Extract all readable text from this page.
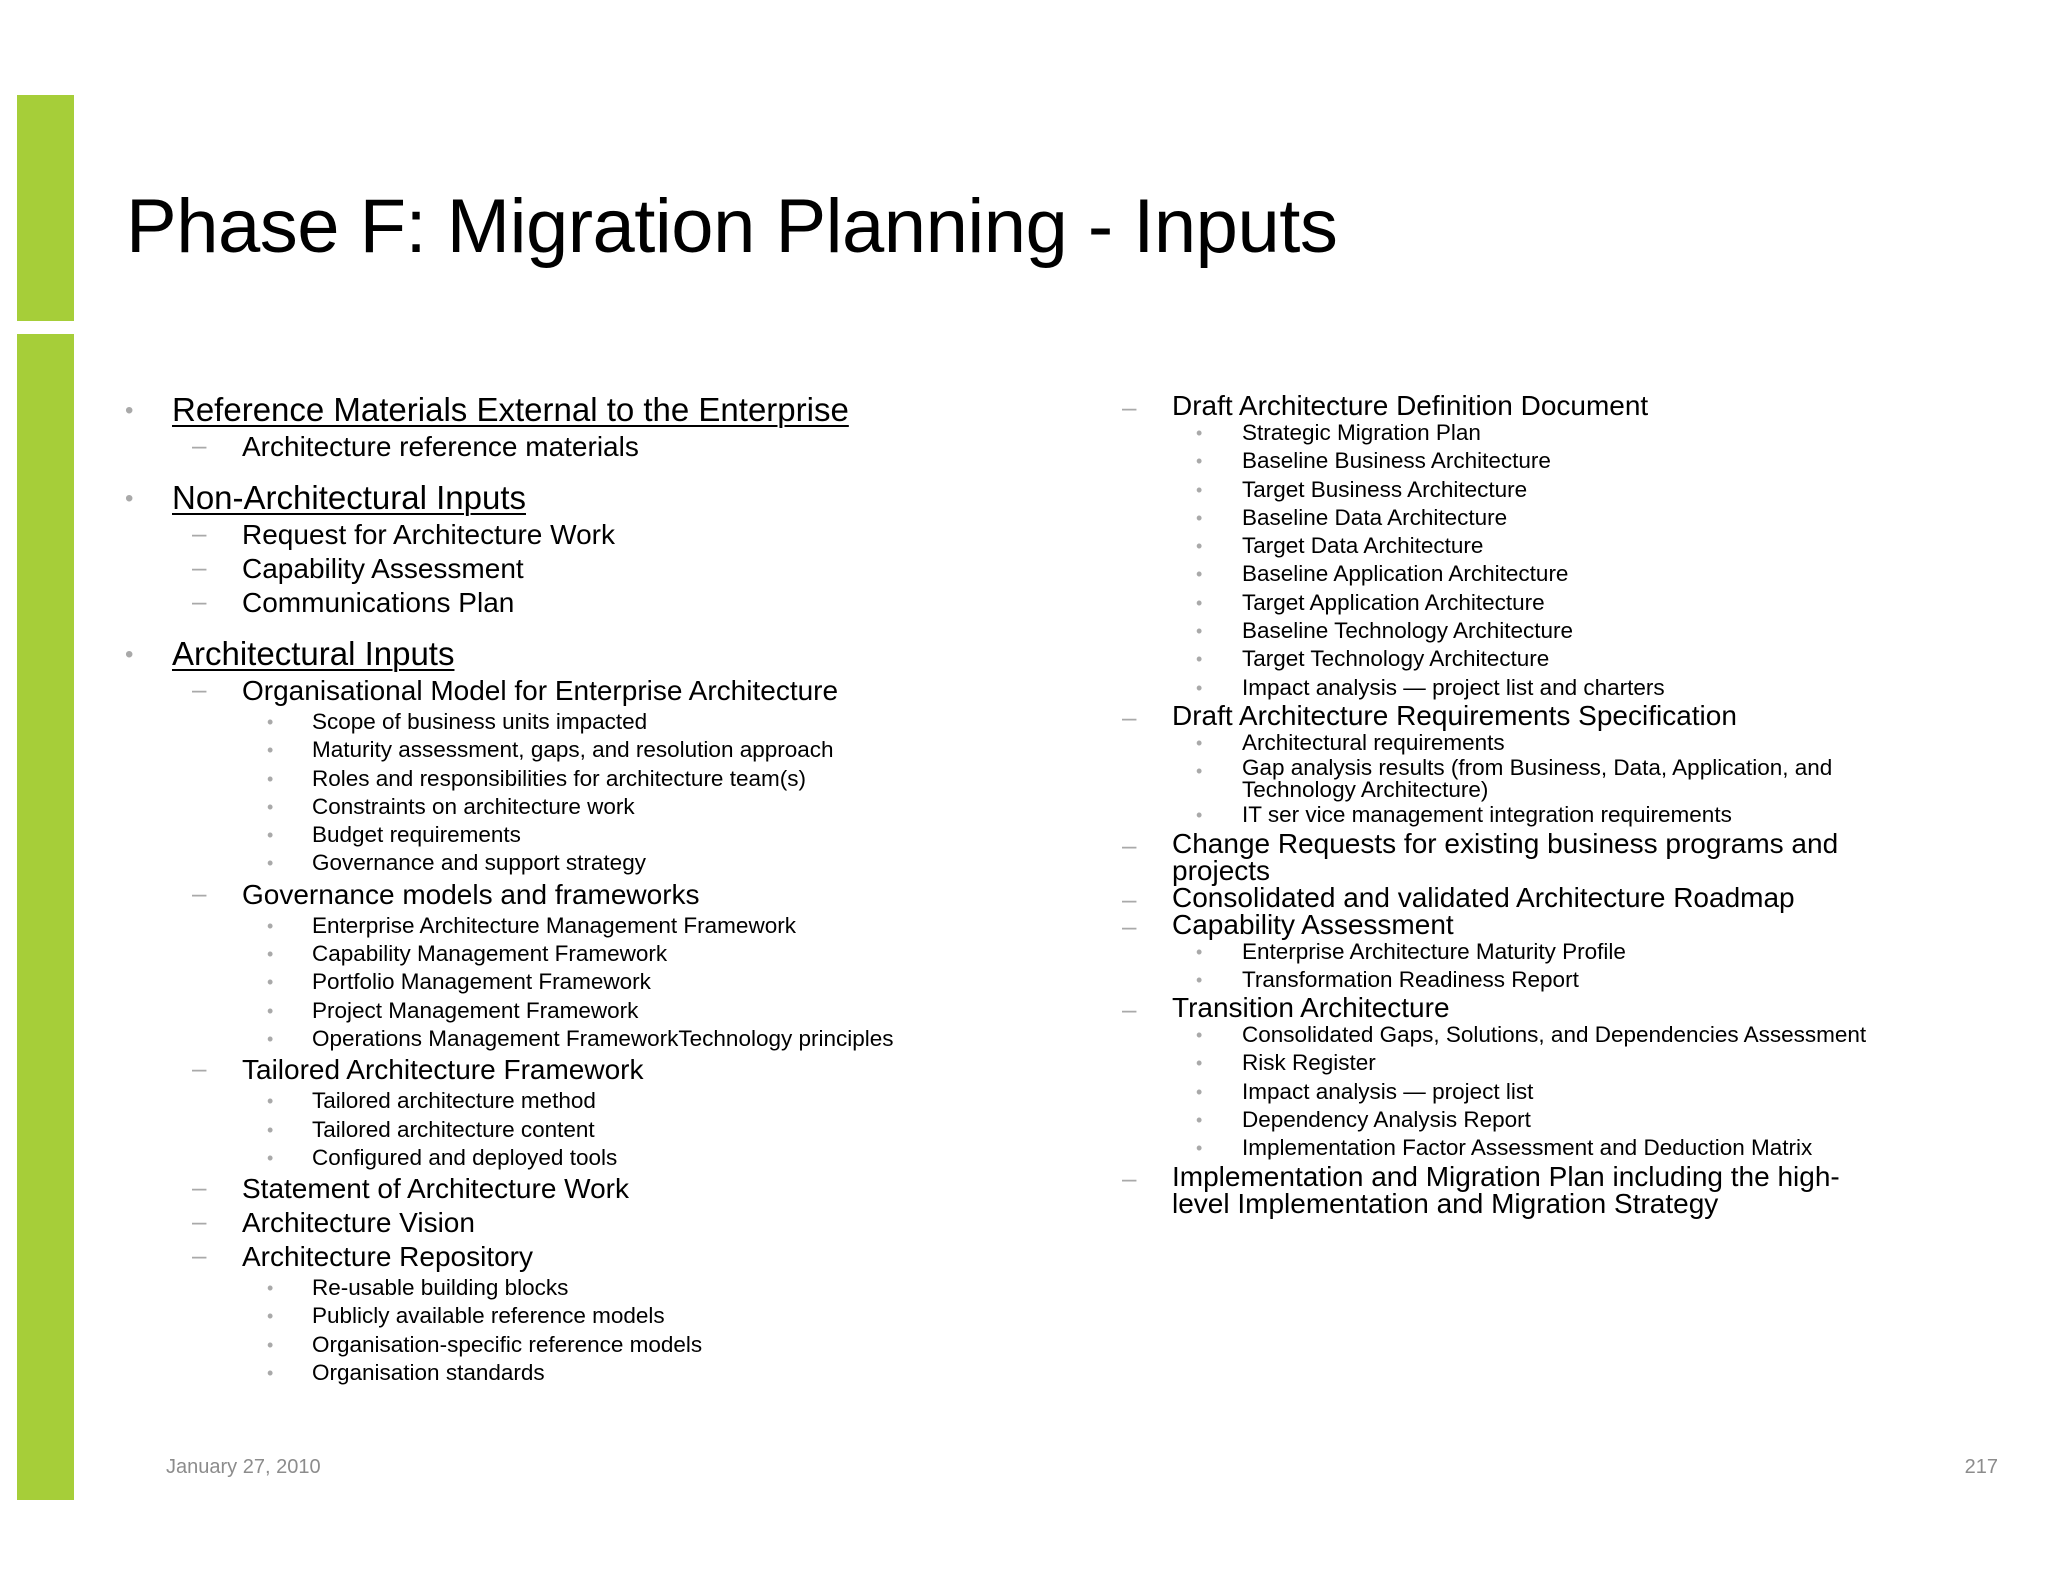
Phase F: Migration Planning - Inputs
• Reference Materials External to the Enterprise
– Architecture reference materials
• Non-Architectural Inputs
– Request for Architecture Work
– Capability Assessment
– Communications Plan
• Architectural Inputs
– Organisational Model for Enterprise Architecture
• Scope of business units impacted
• Maturity assessment, gaps, and resolution approach
• Roles and responsibilities for architecture team(s)
• Constraints on architecture work
• Budget requirements
• Governance and support strategy
– Governance models and frameworks
• Enterprise Architecture Management Framework
• Capability Management Framework
• Portfolio Management Framework
• Project Management Framework
• Operations Management FrameworkTechnology principles
– Tailored Architecture Framework
• Tailored architecture method
• Tailored architecture content
• Configured and deployed tools
– Statement of Architecture Work
– Architecture Vision
– Architecture Repository
• Re-usable building blocks
• Publicly available reference models
• Organisation-specific reference models
• Organisation standards
– Draft Architecture Definition Document
• Strategic Migration Plan
• Baseline Business Architecture
• Target Business Architecture
• Baseline Data Architecture
• Target Data Architecture
• Baseline Application Architecture
• Target Application Architecture
• Baseline Technology Architecture
• Target Technology Architecture
• Impact analysis — project list and charters
– Draft Architecture Requirements Specification
• Architectural requirements
• Gap analysis results (from Business, Data, Application, and
Technology Architecture)
• IT ser vice management integration requirements
– Change Requests for existing business programs and
projects
– Consolidated and validated Architecture Roadmap
– Capability Assessment
• Enterprise Architecture Maturity Profile
• Transformation Readiness Report
– Transition Architecture
• Consolidated Gaps, Solutions, and Dependencies Assessment
• Risk Register
• Impact analysis — project list
• Dependency Analysis Report
• Implementation Factor Assessment and Deduction Matrix
– Implementation and Migration Plan including the high-
level Implementation and Migration Strategy
January 27, 2010	217
